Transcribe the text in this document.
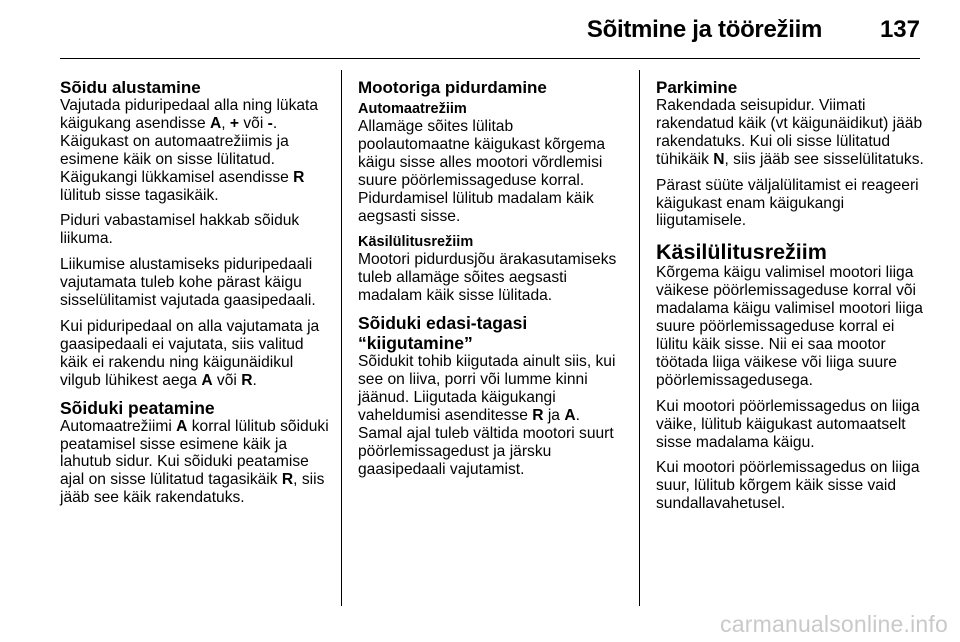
Sõitmine ja töörežiim 137
Sõidu alustamine

Vajutada piduripedaal alla ning lükata käigukang asendisse A, + või -. Käigukast on automaatrežiimis ja esimene käik on sisse lülitatud. Käigukangi lükkamisel asendisse R lülitub sisse tagasikäik.

Piduri vabastamisel hakkab sõiduk liikuma.

Liikumise alustamiseks piduripedaali vajutamata tuleb kohe pärast käigu sisselülitamist vajutada gaasipedaali.

Kui piduripedaal on alla vajutamata ja gaasipedaali ei vajutata, siis valitud käik ei rakendu ning käigunäidikul vilgub lühikest aega A või R.

Sõiduki peatamine

Automaatrežiimi A korral lülitub sõiduki peatamisel sisse esimene käik ja lahutub sidur. Kui sõiduki peatamise ajal on sisse lülitatud tagasikäik R, siis jääb see käik rakendatuks.

Mootoriga pidurdamine
Automaatrežiim

Allamäge sõites lülitab poolautomaatne käigukast kõrgema käigu sisse alles mootori võrdlemisi suure pöörlemissageduse korral. Pidurdamisel lülitub madalam käik aegsasti sisse.

Käsilülitusrežiim

Mootori pidurdusjõu ärakasutamiseks tuleb allamäge sõites aegsasti madalam käik sisse lülitada.

Sõiduki edasi-tagasi “kiigutamine”

Sõidukit tohib kiigutada ainult siis, kui see on liiva, porri või lumme kinni jäänud. Liigutada käigukangi vaheldumisi asenditesse R ja A. Samal ajal tuleb vältida mootori suurt pöörlemissagedust ja järsku gaasipedaali vajutamist.

Parkimine

Rakendada seisupidur. Viimati rakendatud käik (vt käigunäidikut) jääb rakendatuks. Kui oli sisse lülitatud tühikäik N, siis jääb see sisselülitatuks.

Pärast süüte väljalülitamist ei reageeri käigukast enam käigukangi liigutamisele.

Käsilülitusrežiim

Kõrgema käigu valimisel mootori liiga väikese pöörlemissageduse korral või madalama käigu valimisel mootori liiga suure pöörlemissageduse korral ei lülitu käik sisse. Nii ei saa mootor töötada liiga väikese või liiga suure pöörlemissagedusega.

Kui mootori pöörlemissagedus on liiga väike, lülitub käigukast automaatselt sisse madalama käigu.

Kui mootori pöörlemissagedus on liiga suur, lülitub kõrgem käik sisse vaid sundallavahetusel.

carmanualsonline.info
